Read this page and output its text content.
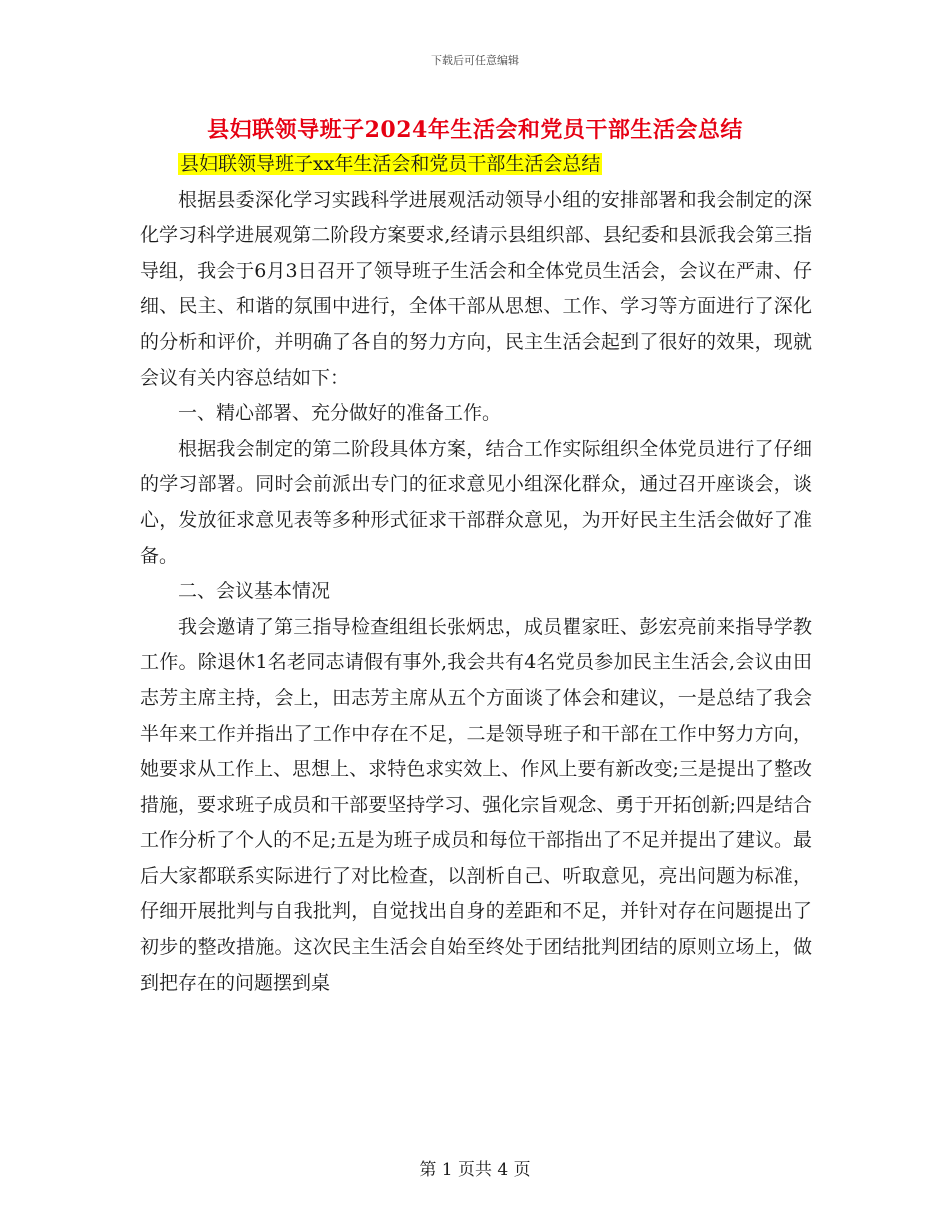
下载后可任意编辑
县妇联领导班子2024年生活会和党员干部生活会总结

县妇联领导班子xx年生活会和党员干部生活会总结

根据县委深化学习实践科学进展观活动领导小组的安排部署和我会制定的深化学习科学进展观第二阶段方案要求,经请示县组织部、县纪委和县派我会第三指导组，我会于6月3日召开了领导班子生活会和全体党员生活会，会议在严肃、仔细、民主、和谐的氛围中进行，全体干部从思想、工作、学习等方面进行了深化的分析和评价，并明确了各自的努力方向，民主生活会起到了很好的效果，现就会议有关内容总结如下：

一、精心部署、充分做好的准备工作。

根据我会制定的第二阶段具体方案，结合工作实际组织全体党员进行了仔细的学习部署。同时会前派出专门的征求意见小组深化群众，通过召开座谈会，谈心，发放征求意见表等多种形式征求干部群众意见，为开好民主生活会做好了准备。

二、会议基本情况

我会邀请了第三指导检查组组长张炳忠，成员瞿家旺、彭宏亮前来指导学教工作。除退休1名老同志请假有事外,我会共有4名党员参加民主生活会,会议由田志芳主席主持，会上，田志芳主席从五个方面谈了体会和建议，一是总结了我会半年来工作并指出了工作中存在不足，二是领导班子和干部在工作中努力方向，她要求从工作上、思想上、求特色求实效上、作风上要有新改变;三是提出了整改措施，要求班子成员和干部要坚持学习、强化宗旨观念、勇于开拓创新;四是结合工作分析了个人的不足;五是为班子成员和每位干部指出了不足并提出了建议。最后大家都联系实际进行了对比检查，以剖析自己、听取意见，亮出问题为标准，仔细开展批判与自我批判，自觉找出自身的差距和不足，并针对存在问题提出了初步的整改措施。这次民主生活会自始至终处于团结批判团结的原则立场上，做到把存在的问题摆到桌

第 1 页共 4 页
